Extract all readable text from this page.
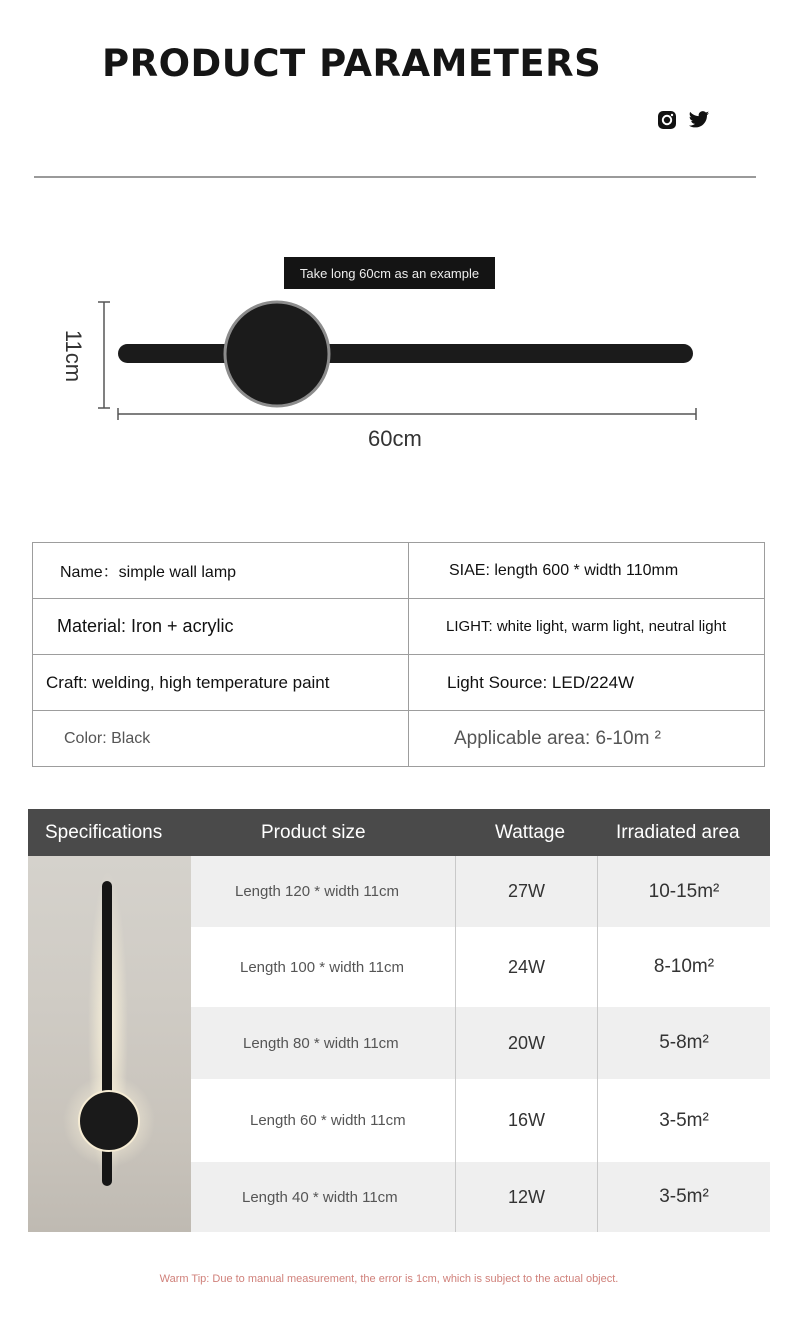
PRODUCT PARAMETERS
Take long 60cm as an example
60cm
11cm
Name：simple wall lamp	SIAE: length 600 * width 110mm
Material: Iron + acrylic	LIGHT: white light, warm light, neutral light
Craft: welding, high temperature paint	Light Source: LED/224W
Color: Black	Applicable area: 6-10m ²
Specifications	Product size	Wattage	Irradiated area
Length 120 * width 11cm	27W	10-15m²
Length 100 * width 11cm	24W	8-10m²
Length 80 * width 11cm	20W	5-8m²
Length 60 * width 11cm	16W	3-5m²
Length 40 * width 11cm	12W	3-5m²
Warm Tip: Due to manual measurement, the error is 1cm, which is subject to the actual object.
